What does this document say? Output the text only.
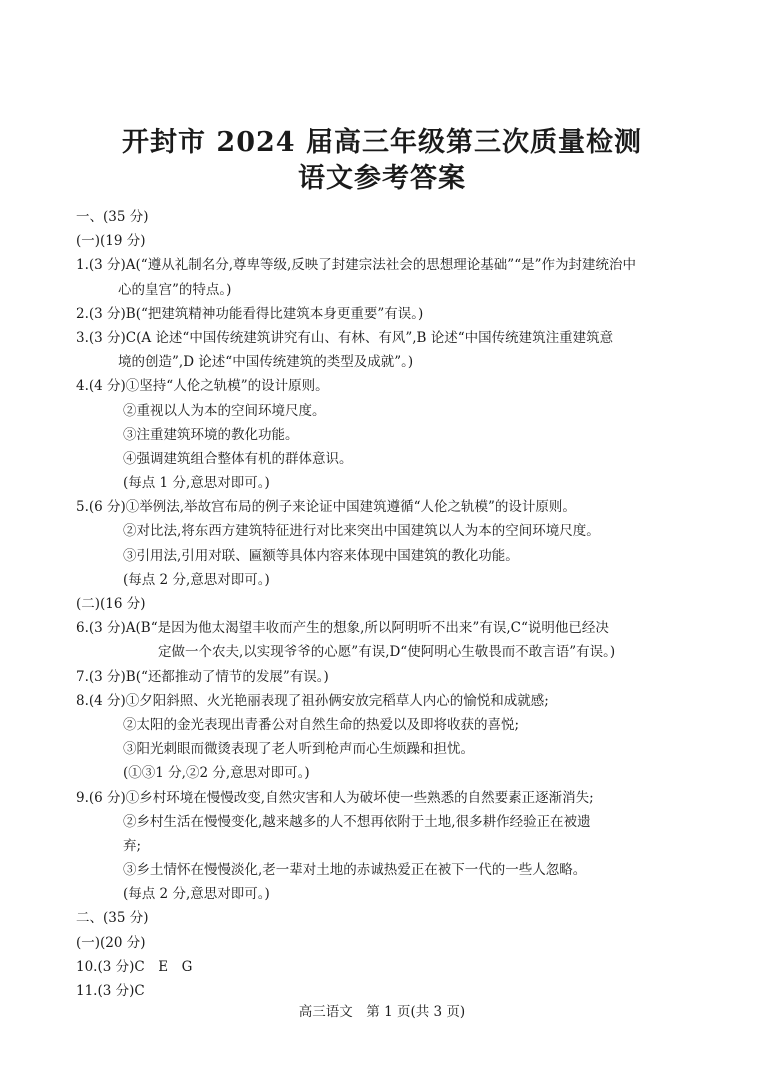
开封市 2024 届高三年级第三次质量检测
语文参考答案
一、(35 分)
(一)(19 分)
1.(3 分)A(“遵从礼制名分,尊卑等级,反映了封建宗法社会的思想理论基础”“是”作为封建统治中
心的皇宫”的特点。)
2.(3 分)B(“把建筑精神功能看得比建筑本身更重要”有误。)
3.(3 分)C(A 论述“中国传统建筑讲究有山、有林、有风”,B 论述“中国传统建筑注重建筑意
境的创造”,D 论述“中国传统建筑的类型及成就”。)
4.(4 分)①坚持“人伦之轨模”的设计原则。
②重视以人为本的空间环境尺度。
③注重建筑环境的教化功能。
④强调建筑组合整体有机的群体意识。
(每点 1 分,意思对即可。)
5.(6 分)①举例法,举故宫布局的例子来论证中国建筑遵循“人伦之轨模”的设计原则。
②对比法,将东西方建筑特征进行对比来突出中国建筑以人为本的空间环境尺度。
③引用法,引用对联、匾额等具体内容来体现中国建筑的教化功能。
(每点 2 分,意思对即可。)
(二)(16 分)
6.(3 分)A(B“是因为他太渴望丰收而产生的想象,所以阿明听不出来”有误,C“说明他已经决
定做一个农夫,以实现爷爷的心愿”有误,D“使阿明心生敬畏而不敢言语”有误。)
7.(3 分)B(“还都推动了情节的发展”有误。)
8.(4 分)①夕阳斜照、火光艳丽表现了祖孙俩安放完稻草人内心的愉悦和成就感;
②太阳的金光表现出青番公对自然生命的热爱以及即将收获的喜悦;
③阳光刺眼而微烫表现了老人听到枪声而心生烦躁和担忧。
(①③1 分,②2 分,意思对即可。)
9.(6 分)①乡村环境在慢慢改变,自然灾害和人为破坏使一些熟悉的自然要素正逐渐消失;
②乡村生活在慢慢变化,越来越多的人不想再依附于土地,很多耕作经验正在被遗
弃;
③乡土情怀在慢慢淡化,老一辈对土地的赤诚热爱正在被下一代的一些人忽略。
(每点 2 分,意思对即可。)
二、(35 分)
(一)(20 分)
10.(3 分)C　E　G
11.(3 分)C
高三语文　第 1 页(共 3 页)
